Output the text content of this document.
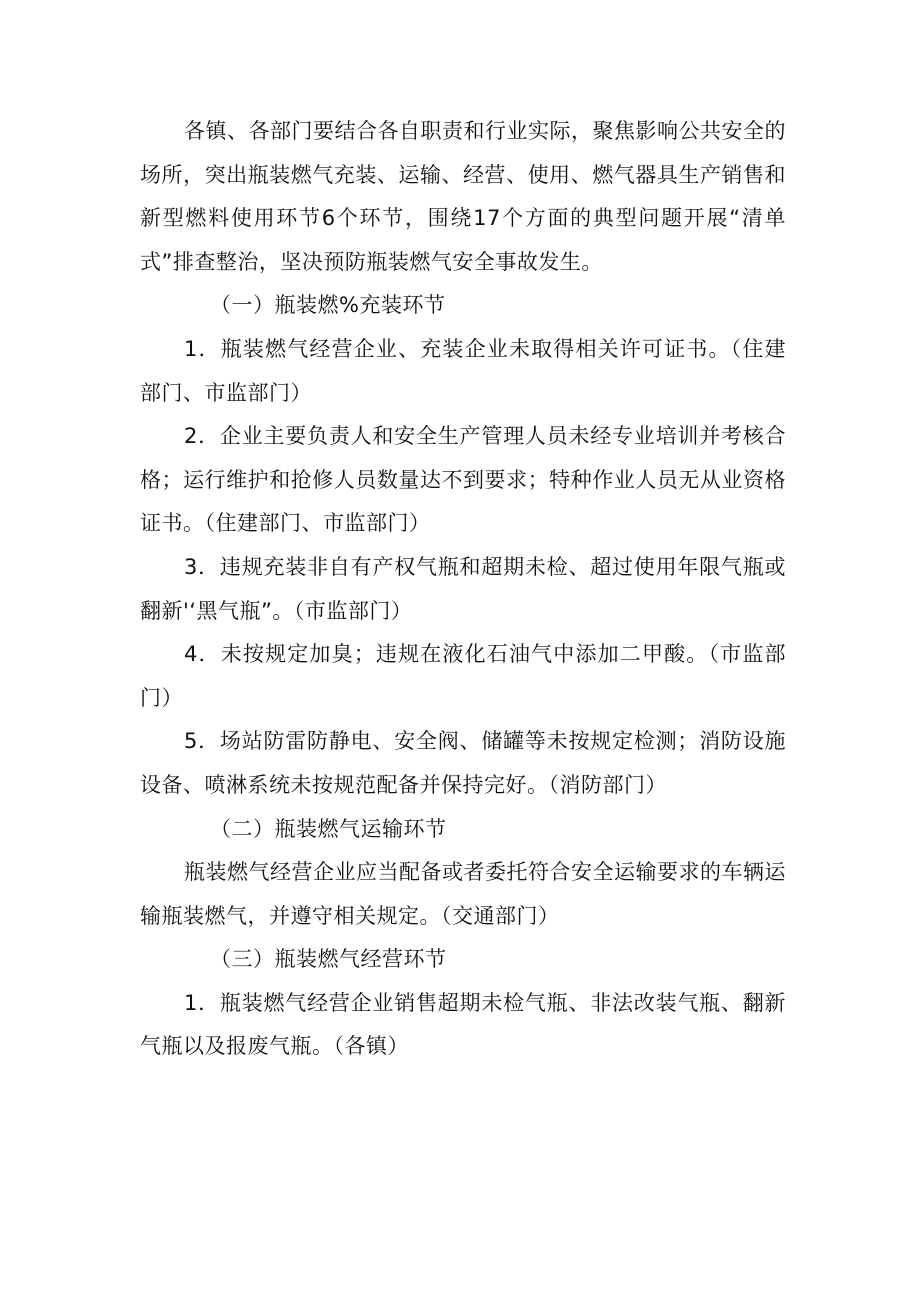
各镇、各部门要结合各自职责和行业实际，聚焦影响公共安全的场所，突出瓶装燃气充装、运输、经营、使用、燃气器具生产销售和新型燃料使用环节6个环节，围绕17个方面的典型问题开展“清单式”排查整治，坚决预防瓶装燃气安全事故发生。

（一）瓶装燃%充装环节

1．瓶装燃气经营企业、充装企业未取得相关许可证书。（住建部门、市监部门）

2．企业主要负责人和安全生产管理人员未经专业培训并考核合格；运行维护和抢修人员数量达不到要求；特种作业人员无从业资格证书。（住建部门、市监部门）

3．违规充装非自有产权气瓶和超期未检、超过使用年限气瓶或翻新'‘黑气瓶”。（市监部门）

4．未按规定加臭；违规在液化石油气中添加二甲酸。（市监部门）

5．场站防雷防静电、安全阀、储罐等未按规定检测；消防设施设备、喷淋系统未按规范配备并保持完好。（消防部门）

（二）瓶装燃气运输环节

瓶装燃气经营企业应当配备或者委托符合安全运输要求的车辆运输瓶装燃气，并遵守相关规定。（交通部门）

（三）瓶装燃气经营环节

1．瓶装燃气经营企业销售超期未检气瓶、非法改装气瓶、翻新气瓶以及报废气瓶。（各镇）
